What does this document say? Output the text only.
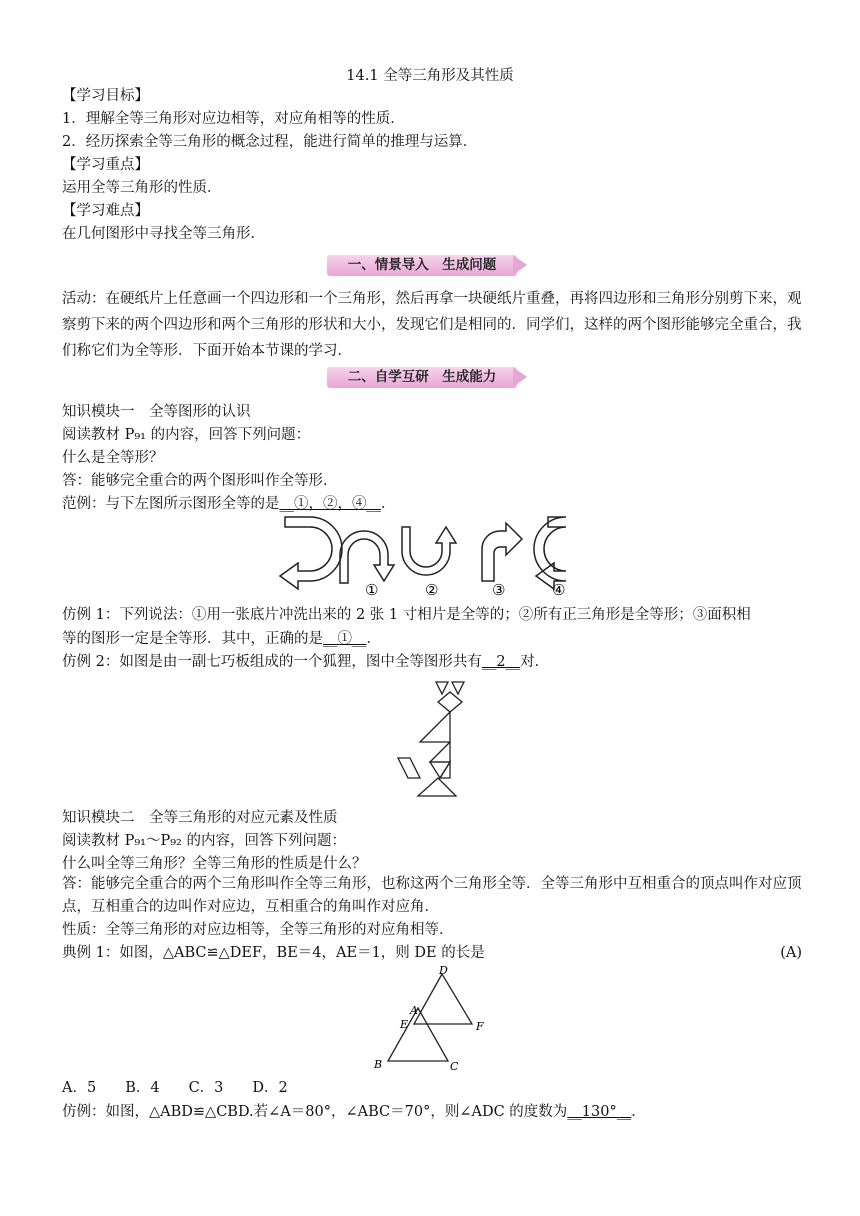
14.1 全等三角形及其性质
【学习目标】
1．理解全等三角形对应边相等，对应角相等的性质．
2．经历探索全等三角形的概念过程，能进行简单的推理与运算．
【学习重点】
运用全等三角形的性质．
【学习难点】
在几何图形中寻找全等三角形．
一、情景导入　生成问题
活动：在硬纸片上任意画一个四边形和一个三角形，然后再拿一块硬纸片重叠，再将四边形和三角形分别剪下来，观察剪下来的两个四边形和两个三角形的形状和大小，发现它们是相同的．同学们，这样的两个图形能够完全重合，我们称它们为全等形．下面开始本节课的学习．
二、自学互研　生成能力
知识模块一　全等图形的认识
阅读教材 P₉₁ 的内容，回答下列问题：
什么是全等形？
答：能够完全重合的两个图形叫作全等形．
范例：与下左图所示图形全等的是__①，②，④__．
①	②	③	④
仿例 1：下列说法：①用一张底片冲洗出来的 2 张 1 寸相片是全等的；②所有正三角形是全等形；③面积相
等的图形一定是全等形．其中，正确的是__①__．
仿例 2：如图是由一副七巧板组成的一个狐狸，图中全等图形共有__2__对．
知识模块二　全等三角形的对应元素及性质
阅读教材 P₉₁～P₉₂ 的内容，回答下列问题：
什么叫全等三角形？全等三角形的性质是什么？
答：能够完全重合的两个三角形叫作全等三角形，也称这两个三角形全等．全等三角形中互相重合的顶点叫作对应顶点，互相重合的边叫作对应边，互相重合的角叫作对应角．
性质：全等三角形的对应边相等，全等三角形的对应角相等．
典例 1：如图，△ABC≌△DEF，BE＝4，AE＝1，则 DE 的长是	(A)
D
A
E	F
B	C
A．5　　B．4　　C．3　　D．2
仿例：如图，△ABD≌△CBD.若∠A＝80°，∠ABC＝70°，则∠ADC 的度数为__130°__．
